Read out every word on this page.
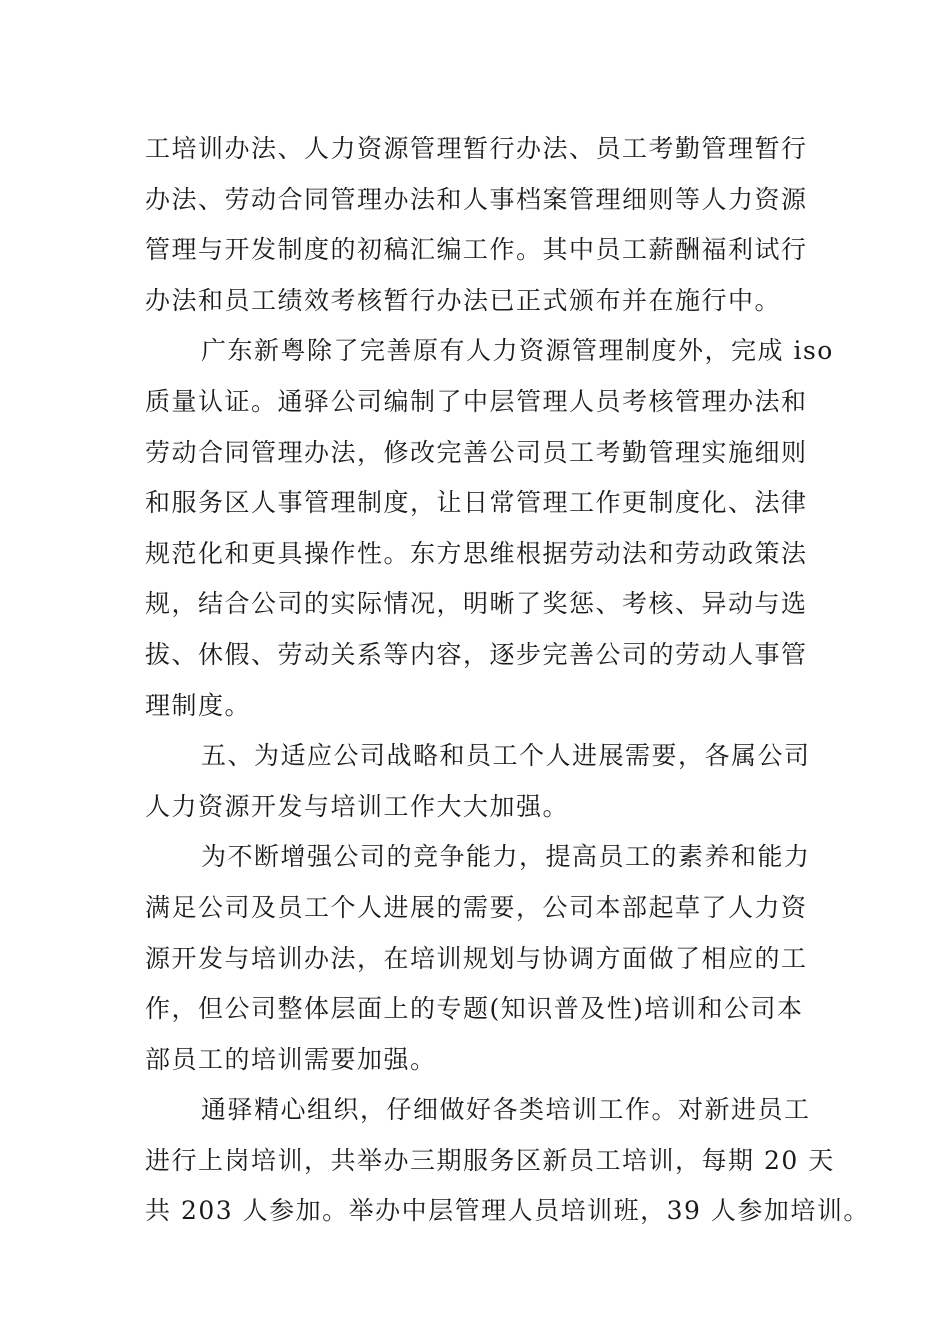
工培训办法、人力资源管理暂行办法、员工考勤管理暂行
办法、劳动合同管理办法和人事档案管理细则等人力资源
管理与开发制度的初稿汇编工作。其中员工薪酬福利试行
办法和员工绩效考核暂行办法已正式颁布并在施行中。

广东新粤除了完善原有人力资源管理制度外，完成 iso
质量认证。通驿公司编制了中层管理人员考核管理办法和
劳动合同管理办法，修改完善公司员工考勤管理实施细则
和服务区人事管理制度，让日常管理工作更制度化、法律
规范化和更具操作性。东方思维根据劳动法和劳动政策法
规，结合公司的实际情况，明晰了奖惩、考核、异动与选
拔、休假、劳动关系等内容，逐步完善公司的劳动人事管
理制度。

五、为适应公司战略和员工个人进展需要，各属公司
人力资源开发与培训工作大大加强。

为不断增强公司的竞争能力，提高员工的素养和能力
满足公司及员工个人进展的需要，公司本部起草了人力资
源开发与培训办法，在培训规划与协调方面做了相应的工
作，但公司整体层面上的专题(知识普及性)培训和公司本
部员工的培训需要加强。

通驿精心组织，仔细做好各类培训工作。对新进员工
进行上岗培训，共举办三期服务区新员工培训，每期 20 天
共 203 人参加。举办中层管理人员培训班，39 人参加培训。
